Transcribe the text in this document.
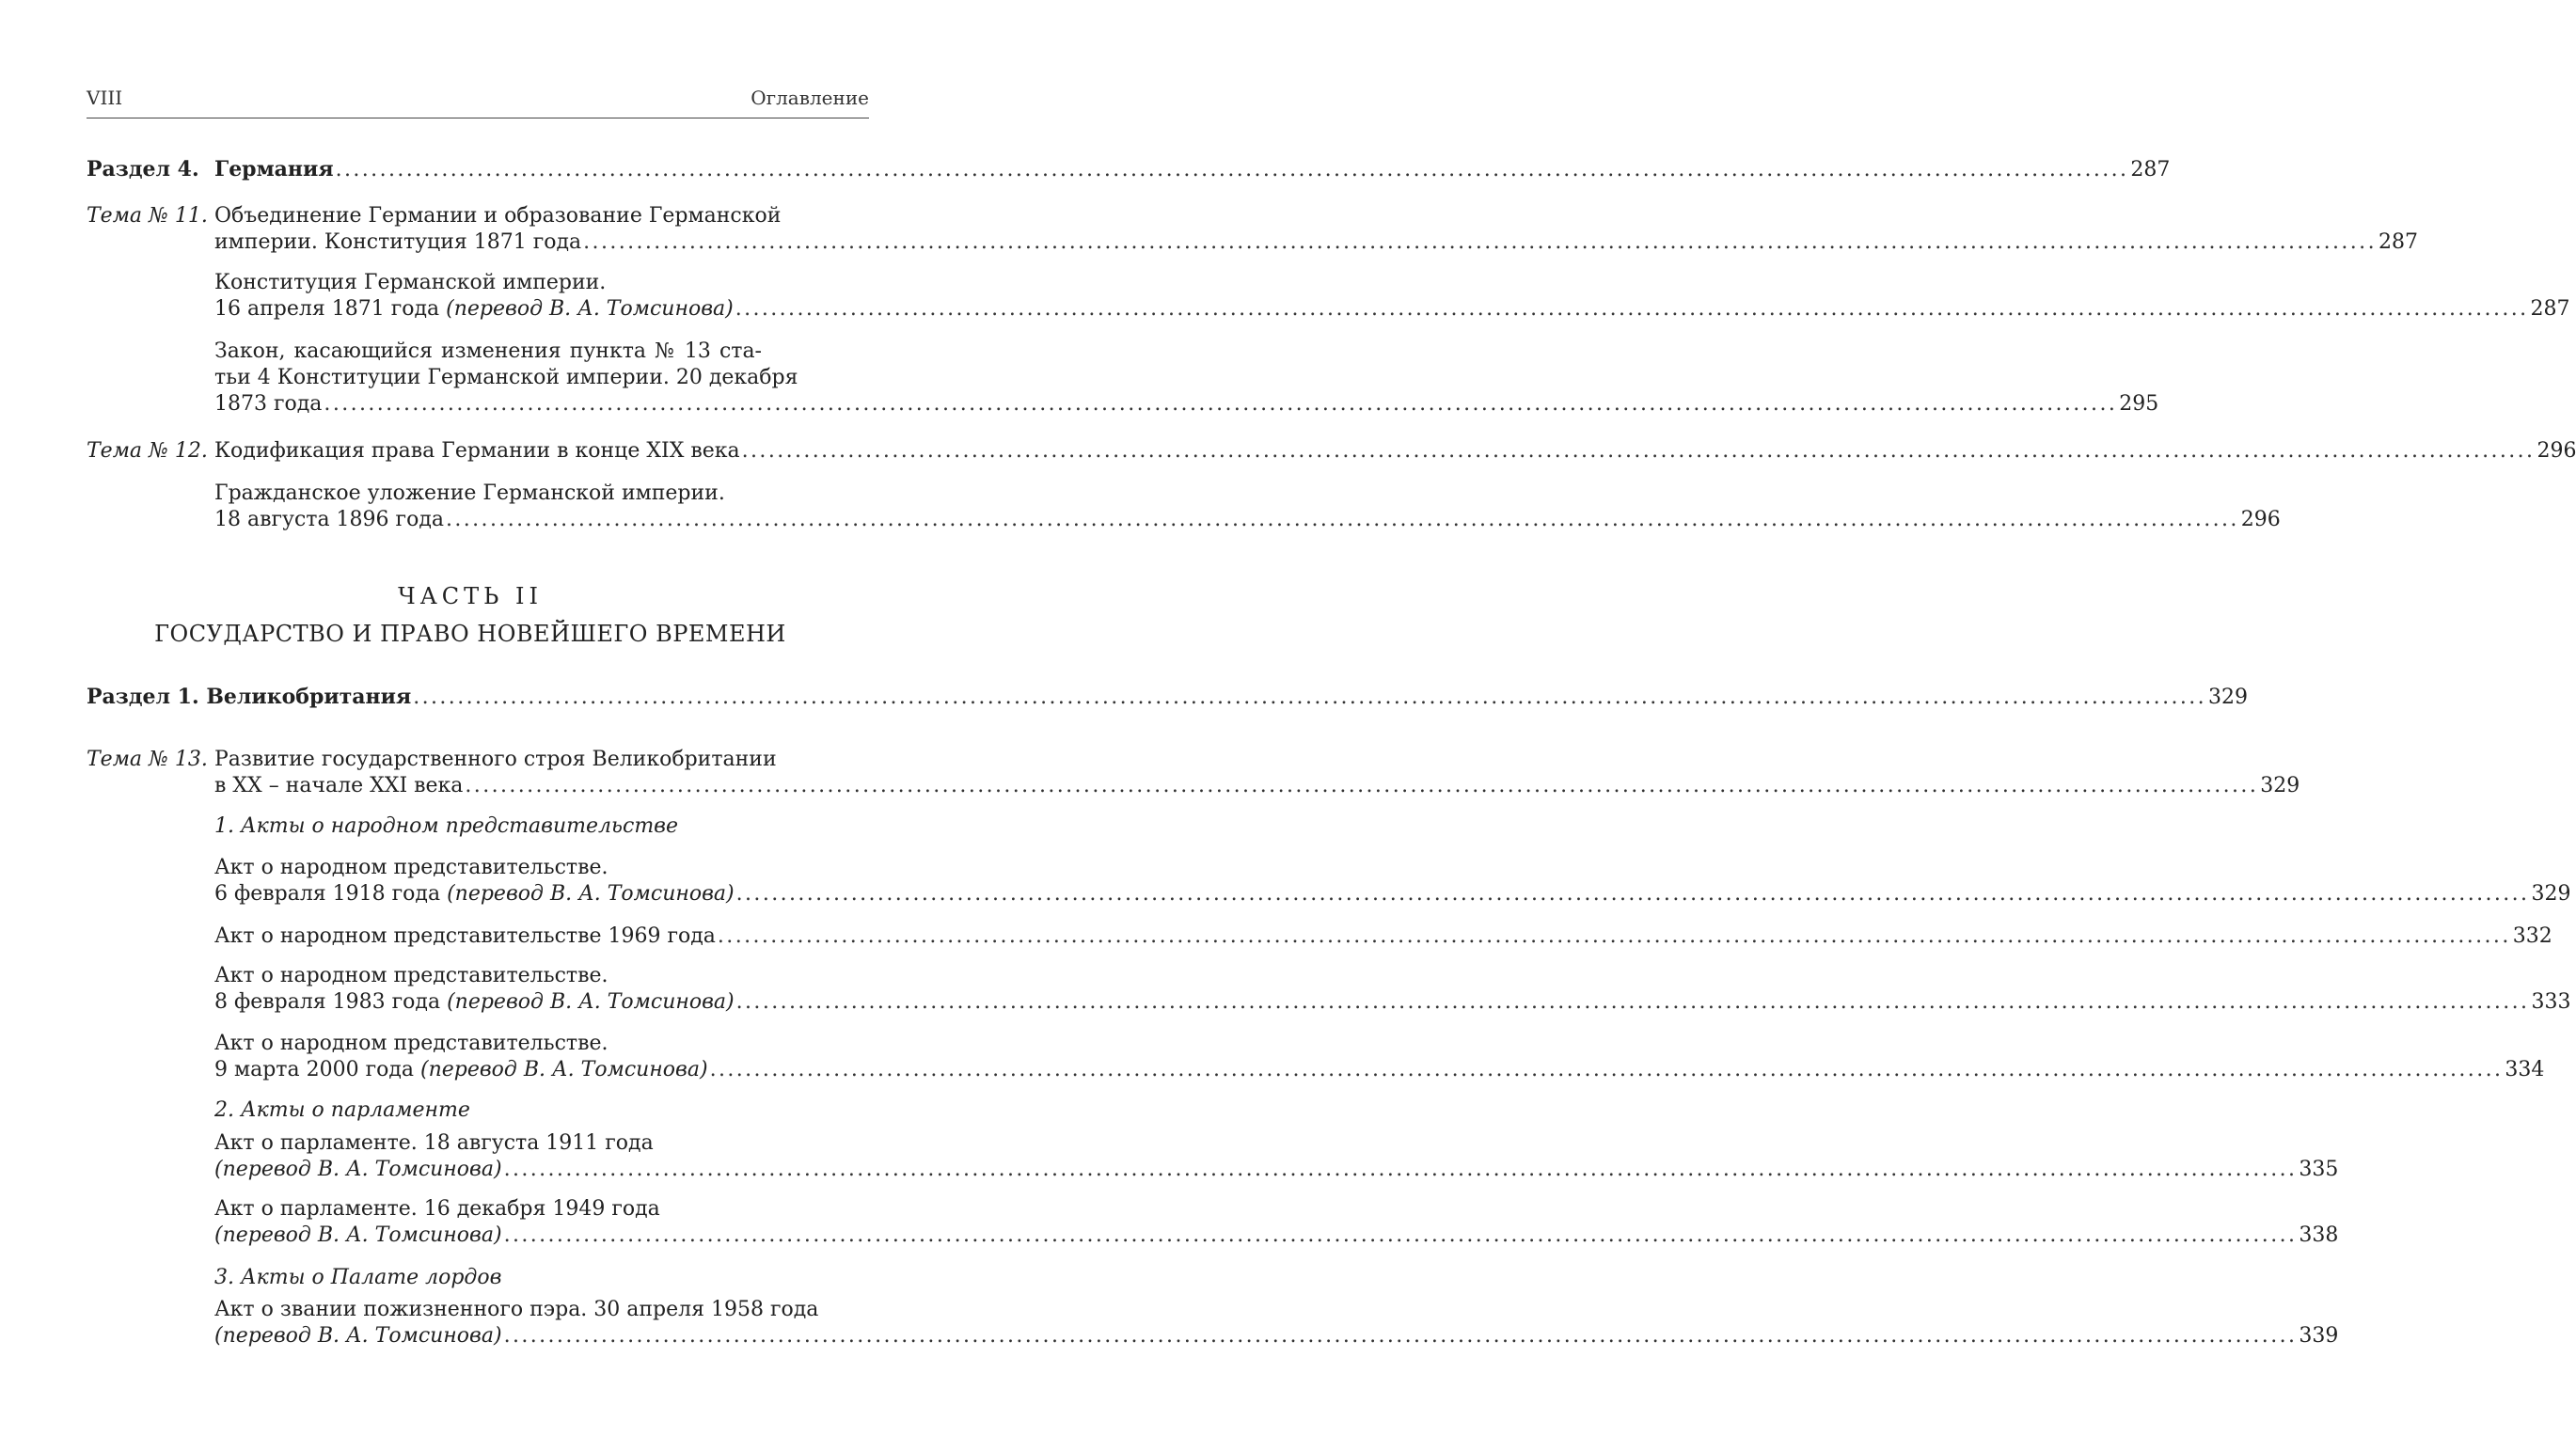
VIII	Оглавление
Раздел 4. Германия ........................................................................................................................................................................................................... 287
Тема № 11. Объединение Германии и образование Германской
империи. Конституция 1871 года ........................................................................................................................................................................................................... 287
Конституция Германской империи.
16 апреля 1871 года (перевод В. А. Томсинова) ........................................................................................................................................................................................................... 287
Закон, касающийся изменения пункта № 13 ста-
тьи 4 Конституции Германской империи. 20 декабря
1873 года ........................................................................................................................................................................................................... 295
Тема № 12. Кодификация права Германии в конце XIX века ........................................................................................................................................................................................................... 296
Гражданское уложение Германской империи.
18 августа 1896 года ........................................................................................................................................................................................................... 296
ЧАСТЬ II
ГОСУДАРСТВО И ПРАВО НОВЕЙШЕГО ВРЕМЕНИ
Раздел 1. Великобритания ........................................................................................................................................................................................................... 329
Тема № 13. Развитие государственного строя Великобритании
в XX – начале XXI века ........................................................................................................................................................................................................... 329
1. Акты о народном представительстве
Акт о народном представительстве.
6 февраля 1918 года (перевод В. А. Томсинова) ........................................................................................................................................................................................................... 329
Акт о народном представительстве 1969 года ........................................................................................................................................................................................................... 332
Акт о народном представительстве.
8 февраля 1983 года (перевод В. А. Томсинова) ........................................................................................................................................................................................................... 333
Акт о народном представительстве.
9 марта 2000 года (перевод В. А. Томсинова) ........................................................................................................................................................................................................... 334
2. Акты о парламенте
Акт о парламенте. 18 августа 1911 года
(перевод В. А. Томсинова) ........................................................................................................................................................................................................... 335
Акт о парламенте. 16 декабря 1949 года
(перевод В. А. Томсинова) ........................................................................................................................................................................................................... 338
3. Акты о Палате лордов
Акт о звании пожизненного пэра. 30 апреля 1958 года
(перевод В. А. Томсинова) ........................................................................................................................................................................................................... 339
